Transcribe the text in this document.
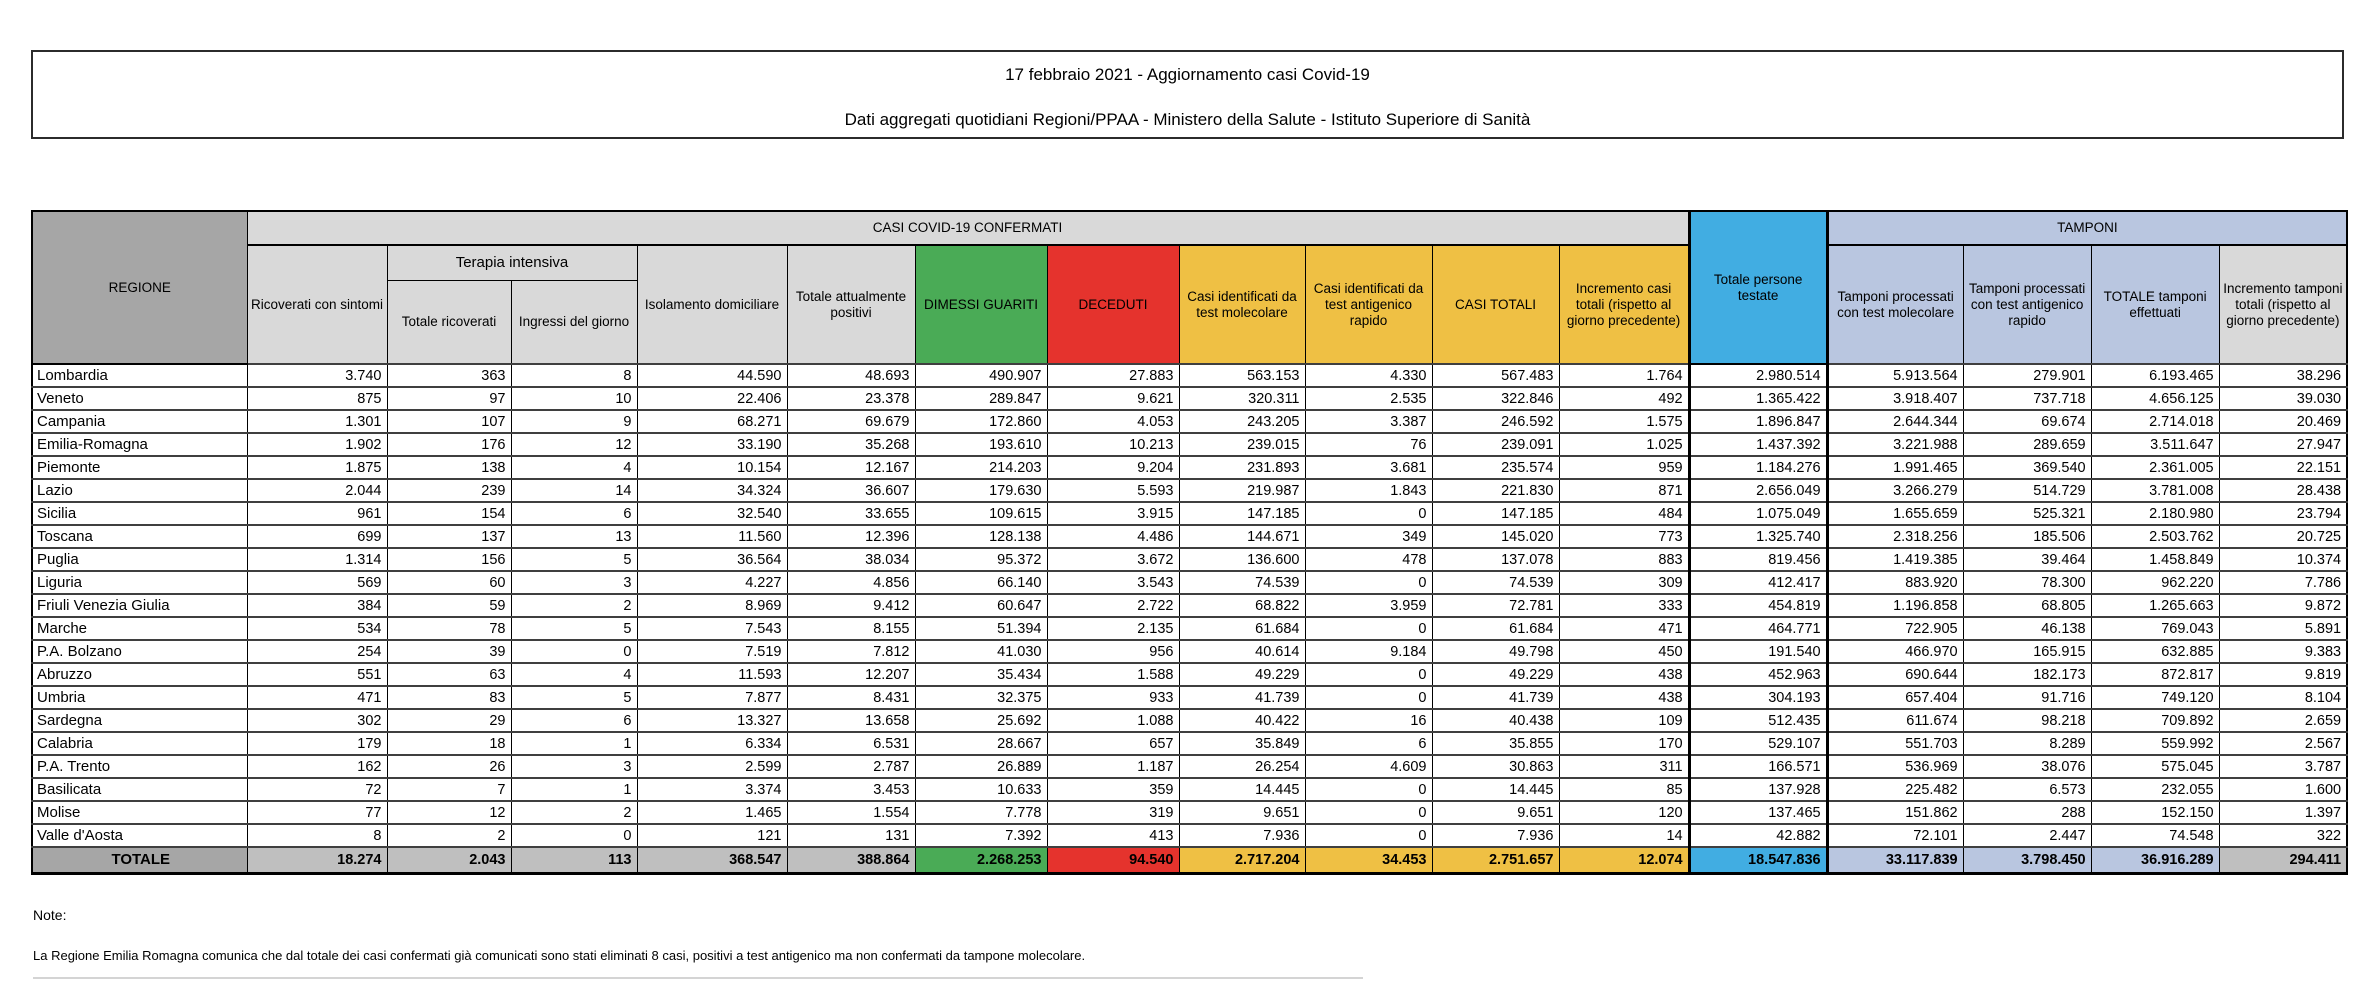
17 febbraio 2021 - Aggiornamento casi Covid-19
Dati aggregati quotidiani Regioni/PPAA - Ministero della Salute - Istituto Superiore di Sanità
REGIONE	CASI COVID-19 CONFERMATI											Totale persone testate	TAMPONI			
	Ricoverati con sintomi	Terapia intensiva		Isolamento domiciliare	Totale attualmente positivi	DIMESSI GUARITI	DECEDUTI	Casi identificati da test molecolare	Casi identificati da test antigenico rapido	CASI TOTALI	Incremento casi totali (rispetto al giorno precedente)		Tamponi processati con test molecolare	Tamponi processati con test antigenico rapido	TOTALE tamponi effettuati	Incremento tamponi totali (rispetto al giorno precedente)
		Totale ricoverati	Ingressi del giorno													
Lombardia	3.740	363	8	44.590	48.693	490.907	27.883	563.153	4.330	567.483	1.764	2.980.514	5.913.564	279.901	6.193.465	38.296
Veneto	875	97	10	22.406	23.378	289.847	9.621	320.311	2.535	322.846	492	1.365.422	3.918.407	737.718	4.656.125	39.030
Campania	1.301	107	9	68.271	69.679	172.860	4.053	243.205	3.387	246.592	1.575	1.896.847	2.644.344	69.674	2.714.018	20.469
Emilia-Romagna	1.902	176	12	33.190	35.268	193.610	10.213	239.015	76	239.091	1.025	1.437.392	3.221.988	289.659	3.511.647	27.947
Piemonte	1.875	138	4	10.154	12.167	214.203	9.204	231.893	3.681	235.574	959	1.184.276	1.991.465	369.540	2.361.005	22.151
Lazio	2.044	239	14	34.324	36.607	179.630	5.593	219.987	1.843	221.830	871	2.656.049	3.266.279	514.729	3.781.008	28.438
Sicilia	961	154	6	32.540	33.655	109.615	3.915	147.185	0	147.185	484	1.075.049	1.655.659	525.321	2.180.980	23.794
Toscana	699	137	13	11.560	12.396	128.138	4.486	144.671	349	145.020	773	1.325.740	2.318.256	185.506	2.503.762	20.725
Puglia	1.314	156	5	36.564	38.034	95.372	3.672	136.600	478	137.078	883	819.456	1.419.385	39.464	1.458.849	10.374
Liguria	569	60	3	4.227	4.856	66.140	3.543	74.539	0	74.539	309	412.417	883.920	78.300	962.220	7.786
Friuli Venezia Giulia	384	59	2	8.969	9.412	60.647	2.722	68.822	3.959	72.781	333	454.819	1.196.858	68.805	1.265.663	9.872
Marche	534	78	5	7.543	8.155	51.394	2.135	61.684	0	61.684	471	464.771	722.905	46.138	769.043	5.891
P.A. Bolzano	254	39	0	7.519	7.812	41.030	956	40.614	9.184	49.798	450	191.540	466.970	165.915	632.885	9.383
Abruzzo	551	63	4	11.593	12.207	35.434	1.588	49.229	0	49.229	438	452.963	690.644	182.173	872.817	9.819
Umbria	471	83	5	7.877	8.431	32.375	933	41.739	0	41.739	438	304.193	657.404	91.716	749.120	8.104
Sardegna	302	29	6	13.327	13.658	25.692	1.088	40.422	16	40.438	109	512.435	611.674	98.218	709.892	2.659
Calabria	179	18	1	6.334	6.531	28.667	657	35.849	6	35.855	170	529.107	551.703	8.289	559.992	2.567
P.A. Trento	162	26	3	2.599	2.787	26.889	1.187	26.254	4.609	30.863	311	166.571	536.969	38.076	575.045	3.787
Basilicata	72	7	1	3.374	3.453	10.633	359	14.445	0	14.445	85	137.928	225.482	6.573	232.055	1.600
Molise	77	12	2	1.465	1.554	7.778	319	9.651	0	9.651	120	137.465	151.862	288	152.150	1.397
Valle d'Aosta	8	2	0	121	131	7.392	413	7.936	0	7.936	14	42.882	72.101	2.447	74.548	322
TOTALE	18.274	2.043	113	368.547	388.864	2.268.253	94.540	2.717.204	34.453	2.751.657	12.074	18.547.836	33.117.839	3.798.450	36.916.289	294.411
Note:
La Regione Emilia Romagna comunica che dal totale dei casi confermati già comunicati sono stati eliminati 8 casi, positivi a test antigenico ma non confermati da tampone molecolare.
